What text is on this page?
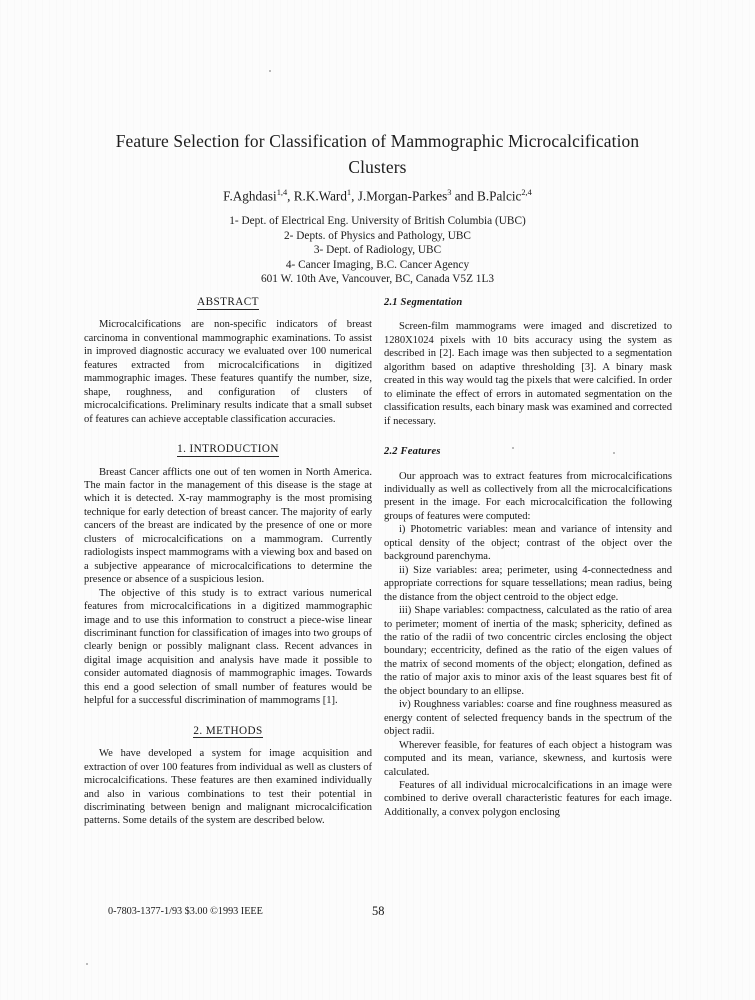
Feature Selection for Classification of Mammographic Microcalcification
Clusters
F.Aghdasi$^{1,4}$, R.K.Ward$^1$, J.Morgan-Parkes$^3$ and B.Palcic$^{2,4}$
1- Dept. of Electrical Eng. University of British Columbia (UBC)
2- Depts. of Physics and Pathology, UBC
3- Dept. of Radiology, UBC
4- Cancer Imaging, B.C. Cancer Agency
601 W. 10th Ave, Vancouver, BC, Canada V5Z 1L3
ABSTRACT

Microcalcifications are non-specific indicators of breast carcinoma in conventional mammographic examinations. To assist in improved diagnostic accuracy we evaluated over 100 numerical features extracted from microcalcifications in digitized mammographic images. These features quantify the number, size, shape, roughness, and configuration of clusters of microcalcifications. Preliminary results indicate that a small subset of features can achieve acceptable classification accuracies.

1. INTRODUCTION

Breast Cancer afflicts one out of ten women in North America. The main factor in the management of this disease is the stage at which it is detected. X-ray mammography is the most promising technique for early detection of breast cancer. The majority of early cancers of the breast are indicated by the presence of one or more clusters of microcalcifications on a mammogram. Currently radiologists inspect mammograms with a viewing box and based on a subjective appearance of microcalcifications to determine the presence or absence of a suspicious lesion.

The objective of this study is to extract various numerical features from microcalcifications in a digitized mammographic image and to use this information to construct a piece-wise linear discriminant function for classification of images into two groups of clearly benign or possibly malignant class. Recent advances in digital image acquisition and analysis have made it possible to consider automated diagnosis of mammographic images. Towards this end a good selection of small number of features would be helpful for a successful discrimination of mammograms [1].

2. METHODS

We have developed a system for image acquisition and extraction of over 100 features from individual as well as clusters of microcalcifications. These features are then examined individually and also in various combinations to test their potential in discriminating between benign and malignant microcalcification patterns. Some details of the system are described below.

2.1 Segmentation

Screen-film mammograms were imaged and discretized to 1280X1024 pixels with 10 bits accuracy using the system as described in [2]. Each image was then subjected to a segmentation algorithm based on adaptive thresholding [3]. A binary mask created in this way would tag the pixels that were calcified. In order to eliminate the effect of errors in automated segmentation on the classification results, each binary mask was examined and corrected if necessary.

2.2 Features

Our approach was to extract features from microcalcifications individually as well as collectively from all the microcalcifications present in the image. For each microcalcification the following groups of features were computed:

i) Photometric variables: mean and variance of intensity and optical density of the object; contrast of the object over the background parenchyma.

ii) Size variables: area; perimeter, using 4-connectedness and appropriate corrections for square tessellations; mean radius, being the distance from the object centroid to the object edge.

iii) Shape variables: compactness, calculated as the ratio of area to perimeter; moment of inertia of the mask; sphericity, defined as the ratio of the radii of two concentric circles enclosing the object boundary; eccentricity, defined as the ratio of the eigen values of the matrix of second moments of the object; elongation, defined as the ratio of major axis to minor axis of the least squares best fit of the object boundary to an ellipse.

iv) Roughness variables: coarse and fine roughness measured as energy content of selected frequency bands in the spectrum of the object radii.

Wherever feasible, for features of each object a histogram was computed and its mean, variance, skewness, and kurtosis were calculated.

Features of all individual microcalcifications in an image were combined to derive overall characteristic features for each image. Additionally, a convex polygon enclosing

0-7803-1377-1/93 $3.00 ©1993 IEEE	58
